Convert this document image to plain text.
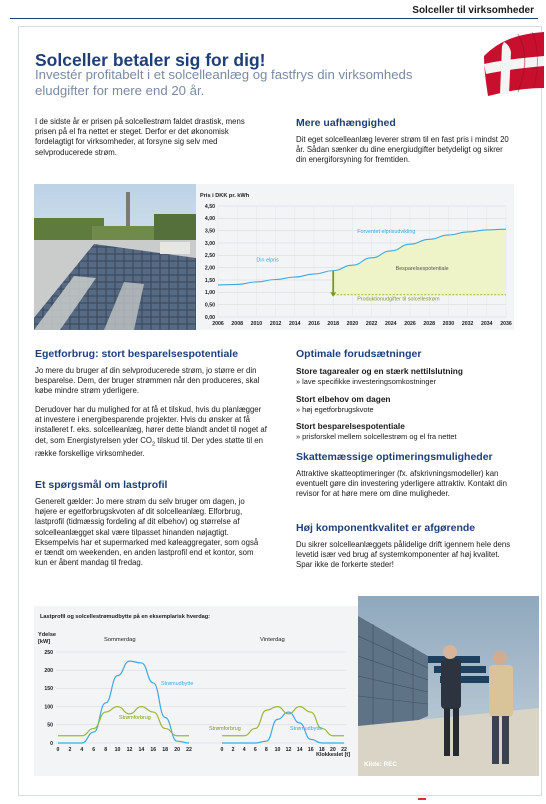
Solceller til virksomheder
Solceller betaler sig for dig!
Investér profitabelt i et solcelleanlæg og fastfrys din virksomheds eludgifter for mere end 20 år.
I de sidste år er prisen på solcellestrøm faldet drastisk, mens prisen på el fra nettet er steget. Derfor er det økonomisk fordelagtigt for virksomheder, at forsyne sig selv med selvproducerede strøm.
Mere uafhængighed
Dit eget solcelleanlæg leverer strøm til en fast pris i mindst 20 år. Sådan sænker du dine energiudgifter betydeligt og sikrer din energiforsyning for fremtiden.
Pris i DKK pr. kWh
4,50
4,00
3,50
3,00
2,50
2,00
1,50
1,00
0,50
0,00
2006 2008 2010 2012 2014 2016 2018 2020 2022 2024 2026 2028 2030 2032 2034 2036
Din elpris
Forventet elprisudvikling
Besparelsespotentiale
Produktionudgifter til solcellestrøm
Egetforbrug: stort besparelsespotentiale
Jo mere du bruger af din selvproducerede strøm, jo større er din besparelse. Dem, der bruger strømmen når den produceres, skal købe mindre strøm yderligere.
Derudover har du mulighed for at få et tilskud, hvis du planlægger at investere i energibesparende projekter. Hvis du ønsker at få installeret f. eks. solcelleanlæg, hører dette blandt andet til noget af det, som Energistyrelsen yder $CO_2$ tilskud til. Der ydes støtte til en række forskellige virksomheder.
Et spørgsmål om lastprofil
Generelt gælder: Jo mere strøm du selv bruger om dagen, jo højere er egetforbrugskvoten af dit solcelleanlæg. Elforbrug, lastprofil (tidmæssig fordeling af dit elbehov) og størrelse af solcelleanlægget skal være tilpasset hinanden nøjagtigt. Eksempelvis har et supermarked med køleaggregater, som også er tændt om weekenden, en anden lastprofil end et kontor, som kun er åbent mandag til fredag.
Optimale forudsætninger
Store tagarealer og en stærk nettilslutning
» lave specifikke investeringsomkostninger
Stort elbehov om dagen
» høj egetforbrugskvote
Stort besparelsespotentiale
» prisforskel mellem solcellestrøm og el fra nettet
Skattemæssige optimeringsmuligheder
Attraktive skatteoptimeringer (fx. afskrivningsmodeller) kan eventuelt gøre din investering yderligere attraktiv. Kontakt din revisor for at høre mere om dine muligheder.
Høj komponentkvalitet er afgørende
Du sikrer solcelleanlæggets pålidelige drift igennem hele dens levetid især ved brug af systemkomponenter af høj kvalitet. Spar ikke de forkerte steder!
Lastprofil og solcellestrømudbytte på en eksemplarisk hverdag:
Ydelse
[kW]	Sommerdag	Vinterdag
250
200
150
100
50
0
0 2 4 6 8 10 12 14 16 18 20 22	0 2 4 6 8 10 12 14 16 18 20 22
Strømudbytte
Strømforbrug
Strømforbrug	Strømudbytte
Klokkeslet [t]
Kilde: REC
